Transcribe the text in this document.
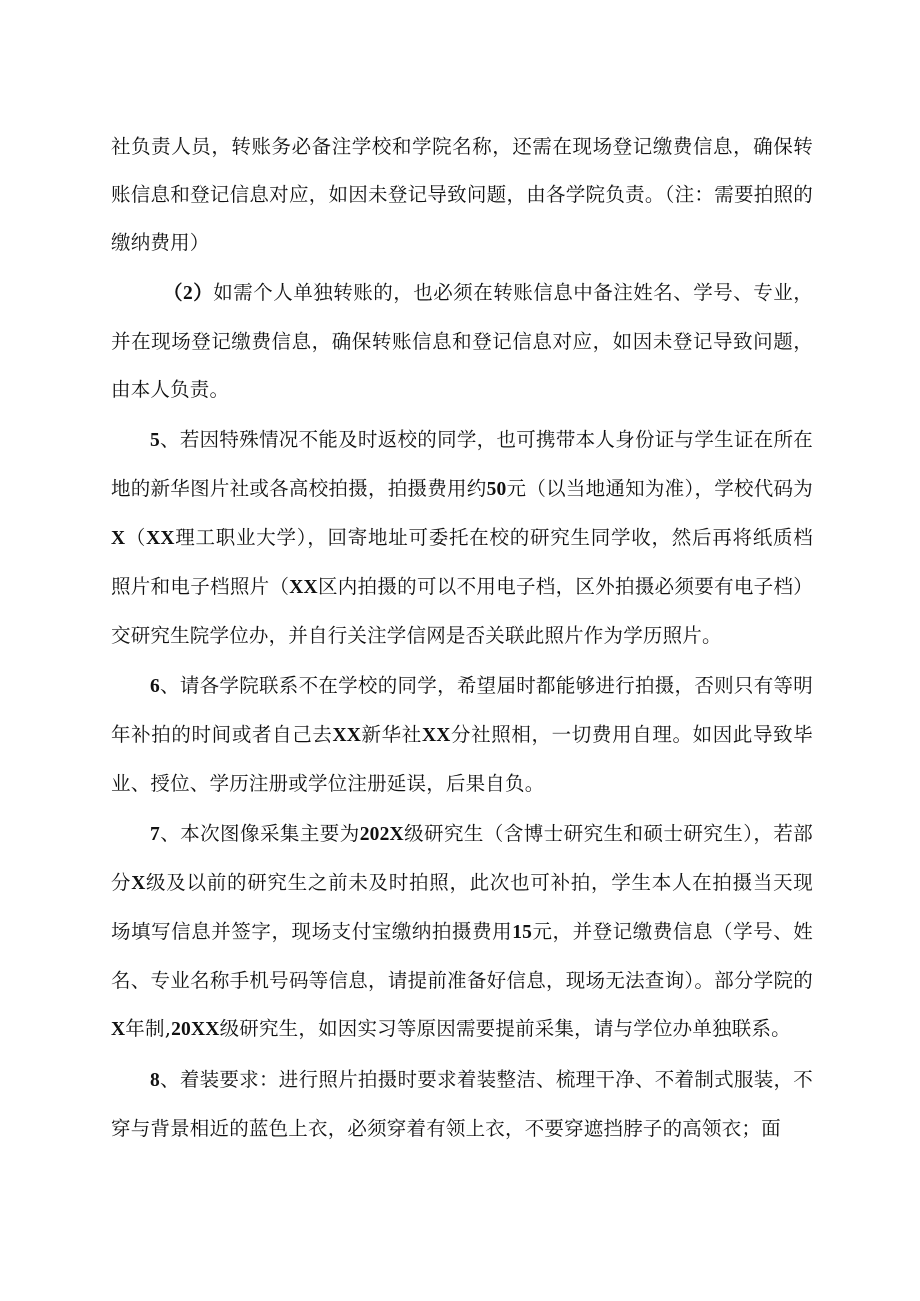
社负责人员，转账务必备注学校和学院名称，还需在现场登记缴费信息，确保转账信息和登记信息对应，如因未登记导致问题，由各学院负责。（注：需要拍照的缴纳费用）

（2）如需个人单独转账的，也必须在转账信息中备注姓名、学号、专业，并在现场登记缴费信息，确保转账信息和登记信息对应，如因未登记导致问题，由本人负责。

5、若因特殊情况不能及时返校的同学，也可携带本人身份证与学生证在所在地的新华图片社或各高校拍摄，拍摄费用约50元（以当地通知为准），学校代码为X（XX理工职业大学），回寄地址可委托在校的研究生同学收，然后再将纸质档照片和电子档照片（XX区内拍摄的可以不用电子档，区外拍摄必须要有电子档）交研究生院学位办，并自行关注学信网是否关联此照片作为学历照片。

6、请各学院联系不在学校的同学，希望届时都能够进行拍摄，否则只有等明年补拍的时间或者自己去XX新华社XX分社照相，一切费用自理。如因此导致毕业、授位、学历注册或学位注册延误，后果自负。

7、本次图像采集主要为202X级研究生（含博士研究生和硕士研究生），若部分X级及以前的研究生之前未及时拍照，此次也可补拍，学生本人在拍摄当天现场填写信息并签字，现场支付宝缴纳拍摄费用15元，并登记缴费信息（学号、姓名、专业名称手机号码等信息，请提前准备好信息，现场无法查询）。部分学院的X年制,20XX级研究生，如因实习等原因需要提前采集，请与学位办单独联系。

8、着装要求：进行照片拍摄时要求着装整洁、梳理干净、不着制式服装，不穿与背景相近的蓝色上衣，必须穿着有领上衣，不要穿遮挡脖子的高领衣；面
